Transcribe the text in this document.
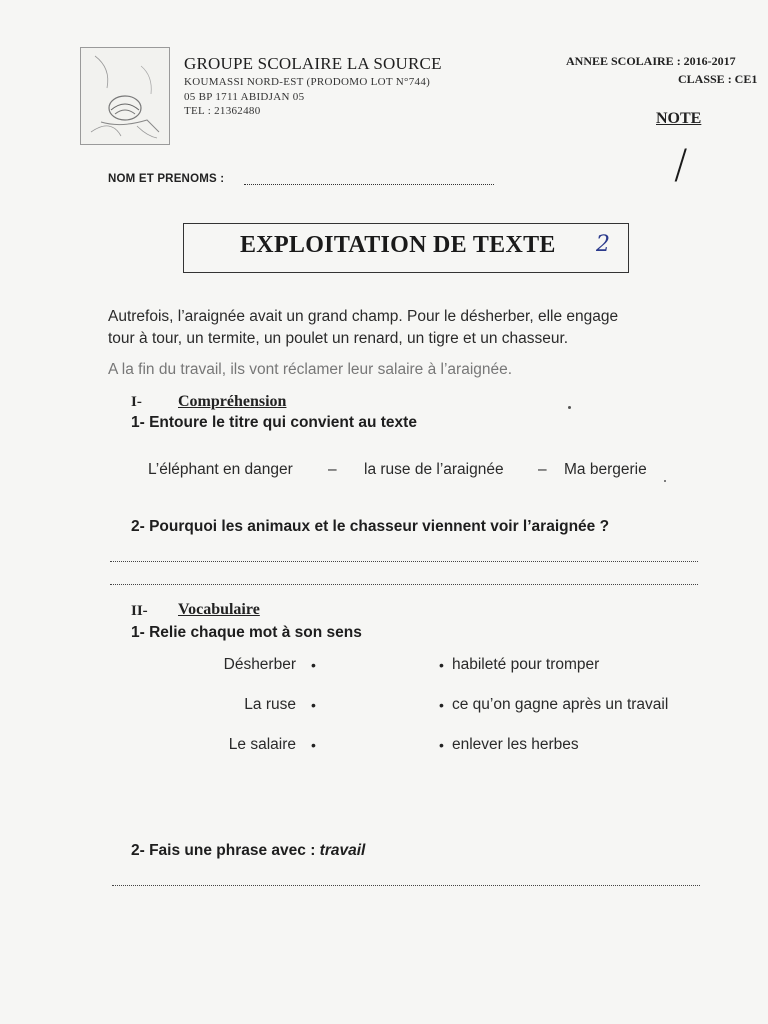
GROUPE SCOLAIRE LA SOURCE
KOUMASSI NORD-EST (PRODOMO LOT N°744)
05 BP 1711 ABIDJAN 05
TEL : 21362480
ANNEE SCOLAIRE : 2016-2017
CLASSE : CE1
NOTE
/
NOM ET PRENOMS :
EXPLOITATION DE TEXTE 2
Autrefois, l’araignée avait un grand champ. Pour le désherber, elle engage
tour à tour, un termite, un poulet un renard, un tigre et un chasseur.
A la fin du travail, ils vont réclamer leur salaire à l’araignée.
I- Compréhension
1- Entoure le titre qui convient au texte
L’éléphant en danger – la ruse de l’araignée – Ma bergerie
2- Pourquoi les animaux et le chasseur viennent voir l’araignée ?
II- Vocabulaire
1- Relie chaque mot à son sens
Désherber
La ruse
Le salaire
•
•
•
•
•
•
habileté pour tromper
ce qu’on gagne après un travail
enlever les herbes
2- Fais une phrase avec : travail
